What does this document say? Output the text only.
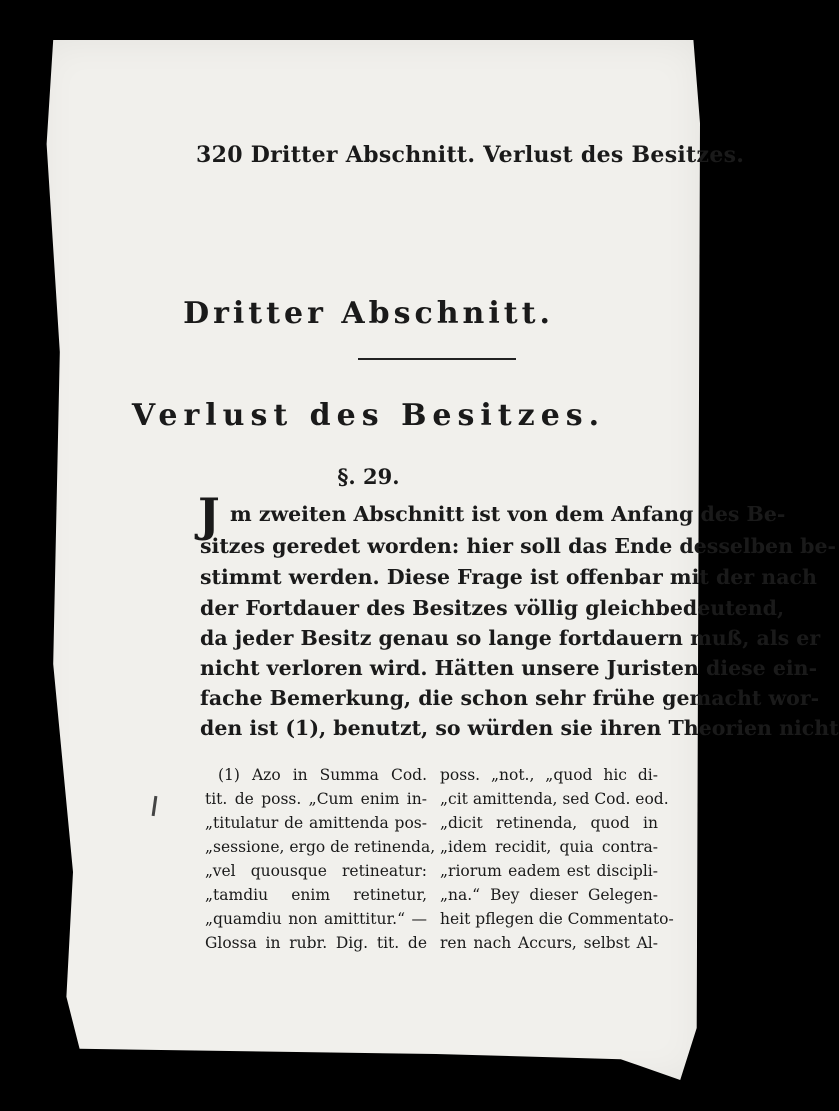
320 Dritter Abschnitt. Verlust des Besitzes.
Dritter Abschnitt.
Verlust des Besitzes.
§. 29.
J m zweiten Abschnitt ist von dem Anfang des Be-
sitzes geredet worden: hier soll das Ende desselben be-
stimmt werden. Diese Frage ist offenbar mit der nach
der Fortdauer des Besitzes völlig gleichbedeutend,
da jeder Besitz genau so lange fortdauern muß, als er
nicht verloren wird. Hätten unsere Juristen diese ein-
fache Bemerkung, die schon sehr frühe gemacht wor-
den ist (1), benutzt, so würden sie ihren Theorien nicht
(1) Azo in Summa Cod.
tit. de poss. „Cum enim in-
„titulatur de amittenda pos-
„sessione, ergo de retinenda,
„vel quousque retineatur:
„tamdiu enim retinetur,
„quamdiu non amittitur.“ —
Glossa in rubr. Dig. tit. de
poss. „not., „quod hic di-
„cit amittenda, sed Cod. eod.
„dicit retinenda, quod in
„idem recidit, quia contra-
„riorum eadem est discipli-
„na.“ Bey dieser Gelegen-
heit pflegen die Commentato-
ren nach Accurs, selbst Al-
